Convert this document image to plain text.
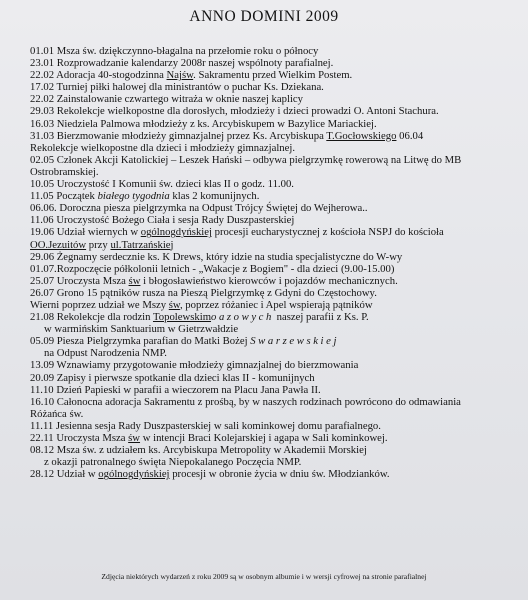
ANNO DOMINI 2009
01.01 Msza św. dziękczynno-błagalna na przełomie roku o północy
23.01 Rozprowadzanie kalendarzy 2008r naszej wspólnoty parafialnej.
22.02 Adoracja 40-stogodzinna Najśw. Sakramentu przed Wielkim Postem.
17.02 Turniej piłki halowej dla ministrantów o puchar Ks. Dziekana.
22.02 Zainstalowanie czwartego witraża w oknie naszej kaplicy
29.03 Rekolekcje wielkopostne dla dorosłych, młodzieży i dzieci prowadzi O. Antoni Stachura.
16.03 Niedziela Palmowa młodzieży z ks. Arcybiskupem w Bazylice Mariackiej.
31.03 Bierzmowanie młodzieży gimnazjalnej przez Ks. Arcybiskupa T.Gocłowskiego 06.04
Rekolekcje wielkopostne dla dzieci i młodzieży gimnazjalnej.
02.05 Członek Akcji Katolickiej – Leszek Hański – odbywa pielgrzymkę rowerową na Litwę do MB
Ostrobramskiej.
10.05 Uroczystość I Komunii św. dzieci klas II o godz. 11.00.
11.05 Początek białego tygodnia klas 2 komunijnych.
06.06. Doroczna piesza pielgrzymka na Odpust Trójcy Świętej do Wejherowa..
11.06 Uroczystość Bożego Ciała i sesja Rady Duszpasterskiej
19.06 Udział wiernych w ogólnogdyńskiej procesji eucharystycznej z kościoła NSPJ do kościoła
OO.Jezuitów przy ul.Tatrzańskiej
29.06 Żegnamy serdecznie ks. K Drews, który idzie na studia specjalistyczne do W-wy
01.07.Rozpoczęcie półkolonii letnich - „Wakacje z Bogiem" - dla dzieci (9.00-15.00)
25.07 Uroczysta Msza św i błogosławieństwo kierowców i pojazdów mechanicznych.
26.07 Grono 15 pątników rusza na Pieszą Pielgrzymkę z Gdyni do Częstochowy.
Wierni poprzez udział we Mszy św, poprzez różaniec i Apel wspierają pątników
21.08 Rekolekcje dla rodzin Topolewskimoazowych naszej parafii z Ks. P.
w warmińskim Sanktuarium w Gietrzwałdzie
05.09 Piesza Pielgrzymka parafian do Matki Bożej Swarzewskiej
na Odpust Narodzenia NMP.
13.09 Wznawiamy przygotowanie młodzieży gimnazjalnej do bierzmowania
20.09 Zapisy i pierwsze spotkanie dla dzieci klas II - komunijnych
11.10 Dzień Papieski w parafii a wieczorem na Placu Jana Pawła II.
16.10 Całonocna adoracja Sakramentu z prośbą, by w naszych rodzinach powrócono do odmawiania
Różańca św.
11.11 Jesienna sesja Rady Duszpasterskiej w sali kominkowej domu parafialnego.
22.11 Uroczysta Msza św w intencji Braci Kolejarskiej i agapa w Sali kominkowej.
08.12 Msza św. z udziałem ks. Arcybiskupa Metropolity w Akademii Morskiej
z okazji patronalnego święta Niepokalanego Poczęcia NMP.
28.12 Udział w ogólnogdyńskiej procesji w obronie życia w dniu św. Młodzianków.
Zdjęcia niektórych wydarzeń z roku 2009 są w osobnym albumie i w wersji cyfrowej na stronie parafialnej
